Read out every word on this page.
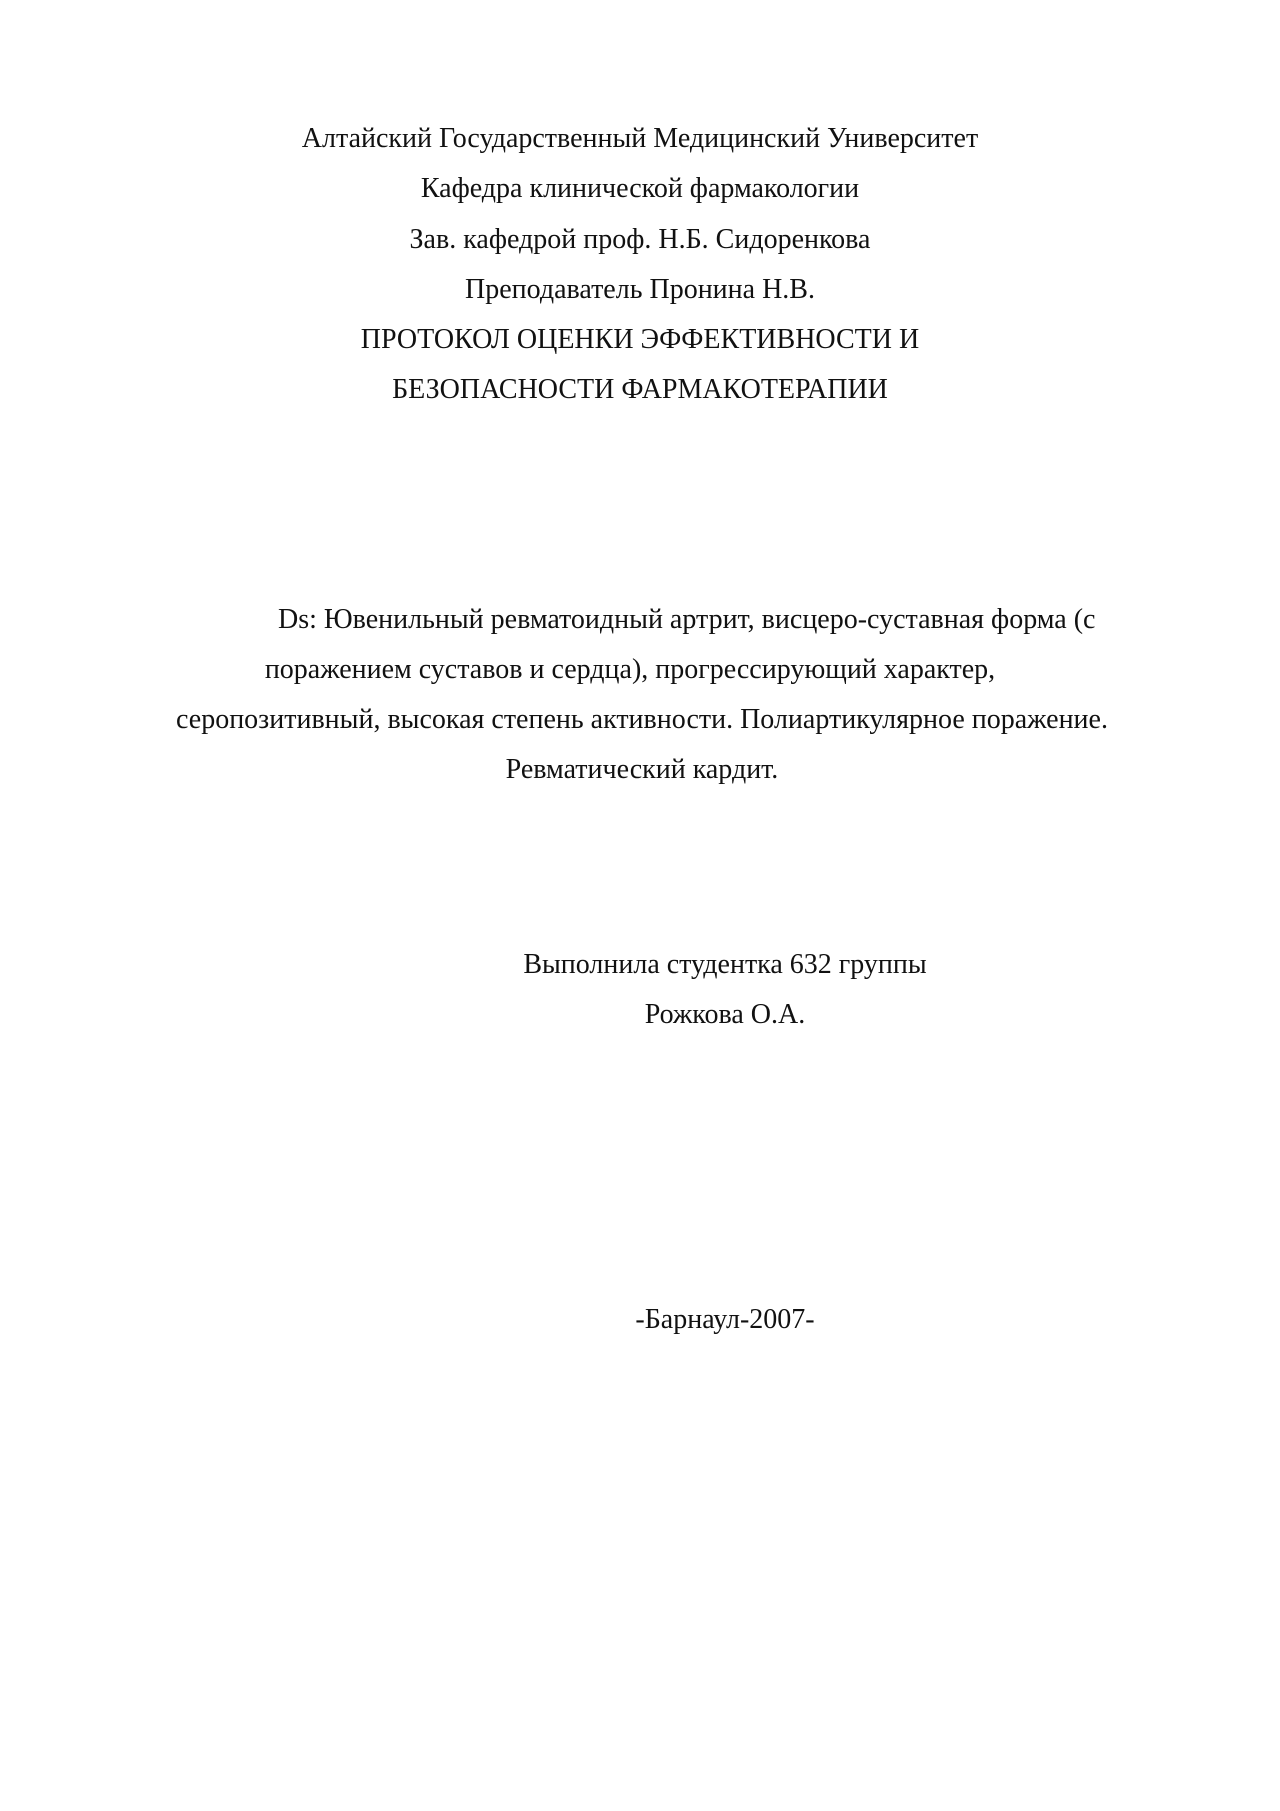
Алтайский Государственный Медицинский Университет
Кафедра клинической фармакологии
Зав. кафедрой проф. Н.Б. Сидоренкова
Преподаватель Пронина Н.В.
ПРОТОКОЛ ОЦЕНКИ ЭФФЕКТИВНОСТИ И
БЕЗОПАСНОСТИ ФАРМАКОТЕРАПИИ
Ds: Ювенильный ревматоидный артрит, висцеро-суставная форма (с
поражением суставов и сердца), прогрессирующий характер,
серопозитивный, высокая степень активности. Полиартикулярное поражение.
Ревматический кардит.
Выполнила студентка 632 группы
Рожкова О.А.
-Барнаул-2007-
